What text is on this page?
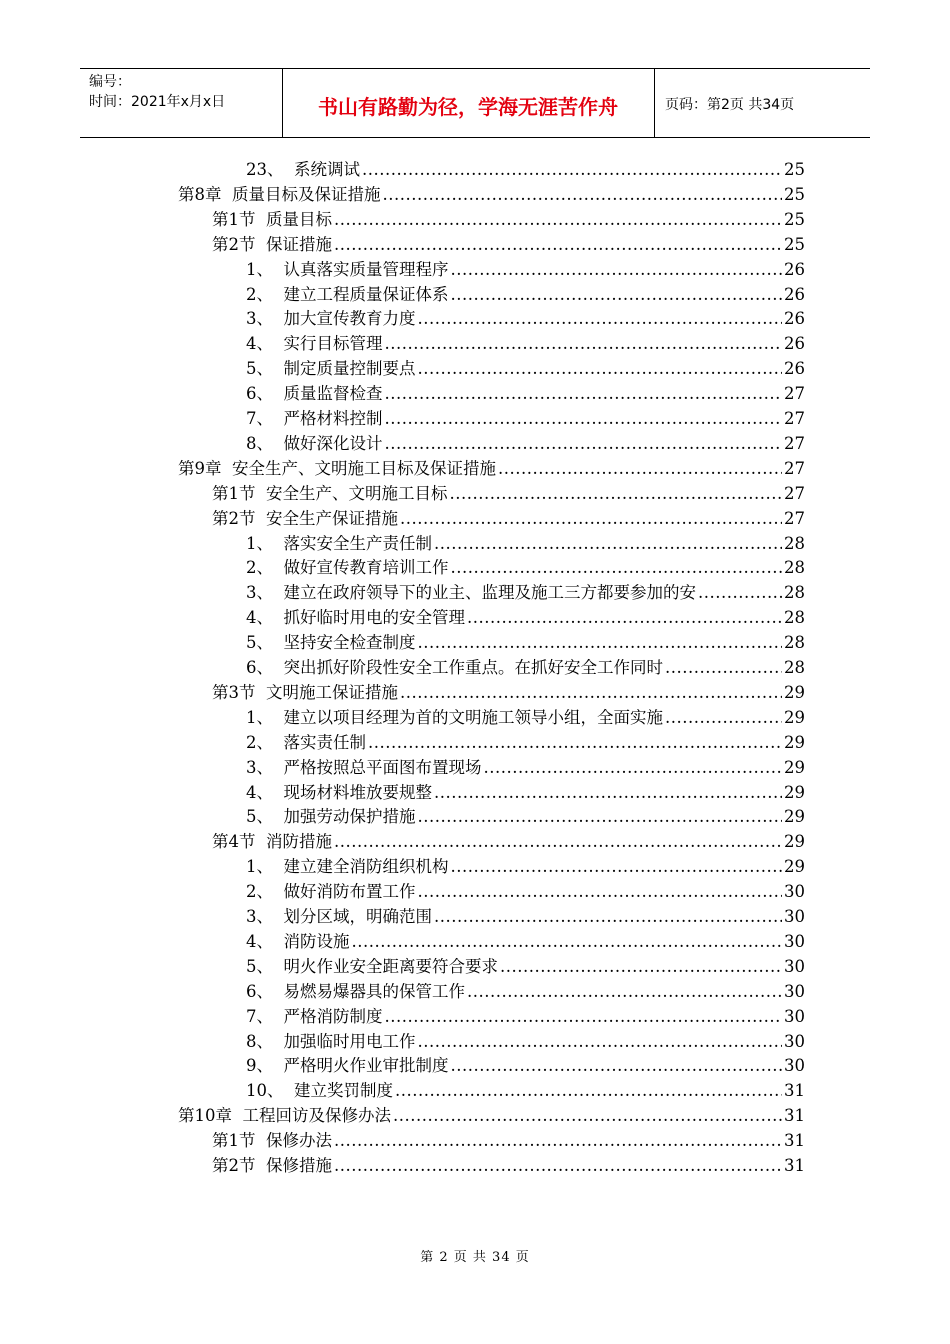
编号：
时间：2021年x月x日	书山有路勤为径，学海无涯苦作舟	页码：第2页 共34页
23、  系统调试 .....	25
第8章  质量目标及保证措施 .....	25
第1节  质量目标 .....	25
第2节  保证措施 .....	25
1、  认真落实质量管理程序 .....	26
2、  建立工程质量保证体系 .....	26
3、  加大宣传教育力度 .....	26
4、  实行目标管理 .....	26
5、  制定质量控制要点 .....	26
6、  质量监督检查 .....	27
7、  严格材料控制 .....	27
8、  做好深化设计 .....	27
第9章  安全生产、文明施工目标及保证措施 .....	27
第1节  安全生产、文明施工目标 .....	27
第2节  安全生产保证措施 .....	27
1、  落实安全生产责任制 .....	28
2、  做好宣传教育培训工作 .....	28
3、  建立在政府领导下的业主、监理及施工三方都要参加的安 .....	28
4、  抓好临时用电的安全管理 .....	28
5、  坚持安全检查制度 .....	28
6、  突出抓好阶段性安全工作重点。在抓好安全工作同时 .....	28
第3节  文明施工保证措施 .....	29
1、  建立以项目经理为首的文明施工领导小组，全面实施 .....	29
2、  落实责任制 .....	29
3、  严格按照总平面图布置现场 .....	29
4、  现场材料堆放要规整 .....	29
5、  加强劳动保护措施 .....	29
第4节  消防措施 .....	29
1、  建立建全消防组织机构 .....	29
2、  做好消防布置工作 .....	30
3、  划分区域，明确范围 .....	30
4、  消防设施 .....	30
5、  明火作业安全距离要符合要求 .....	30
6、  易燃易爆器具的保管工作 .....	30
7、  严格消防制度 .....	30
8、  加强临时用电工作 .....	30
9、  严格明火作业审批制度 .....	30
10、  建立奖罚制度 .....	31
第10章  工程回访及保修办法 .....	31
第1节  保修办法 .....	31
第2节  保修措施 .....	31
第 2 页 共 34 页
